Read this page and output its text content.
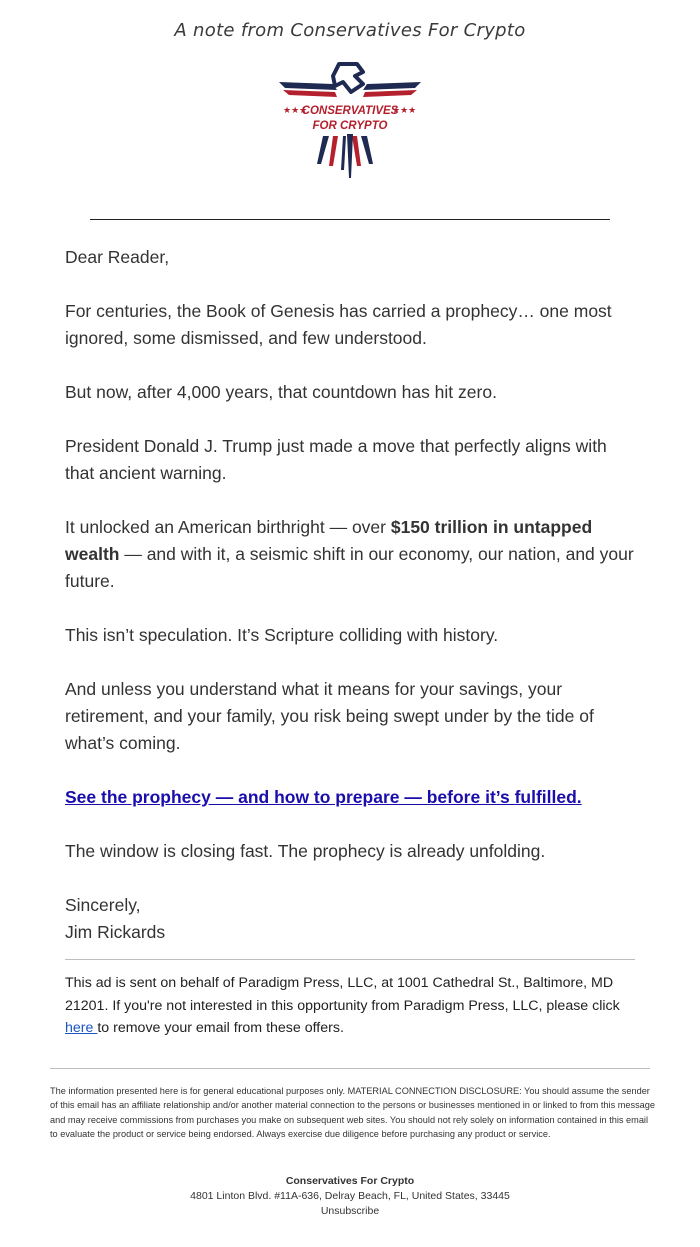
A note from Conservatives For Crypto
★★★	★★★
CONSERVATIVES
FOR CRYPTO

Dear Reader,

For centuries, the Book of Genesis has carried a prophecy… one most ignored, some dismissed, and few understood.

But now, after 4,000 years, that countdown has hit zero.

President Donald J. Trump just made a move that perfectly aligns with that ancient warning.

It unlocked an American birthright — over $150 trillion in untapped wealth — and with it, a seismic shift in our economy, our nation, and your future.

This isn’t speculation. It’s Scripture colliding with history.

And unless you understand what it means for your savings, your retirement, and your family, you risk being swept under by the tide of what’s coming.

See the prophecy — and how to prepare — before it’s fulfilled.

The window is closing fast. The prophecy is already unfolding.

Sincerely,

Jim Rickards

This ad is sent on behalf of Paradigm Press, LLC, at 1001 Cathedral St., Baltimore, MD 21201. If you're not interested in this opportunity from Paradigm Press, LLC, please click here to remove your email from these offers.
The information presented here is for general educational purposes only. MATERIAL CONNECTION DISCLOSURE: You should assume the sender of this email has an affiliate relationship and/or another material connection to the persons or businesses mentioned in or linked to from this message and may receive commissions from purchases you make on subsequent web sites. You should not rely solely on information contained in this email to evaluate the product or service being endorsed. Always exercise due diligence before purchasing any product or service.
Conservatives For Crypto
4801 Linton Blvd. #11A-636, Delray Beach, FL, United States, 33445
Unsubscribe
